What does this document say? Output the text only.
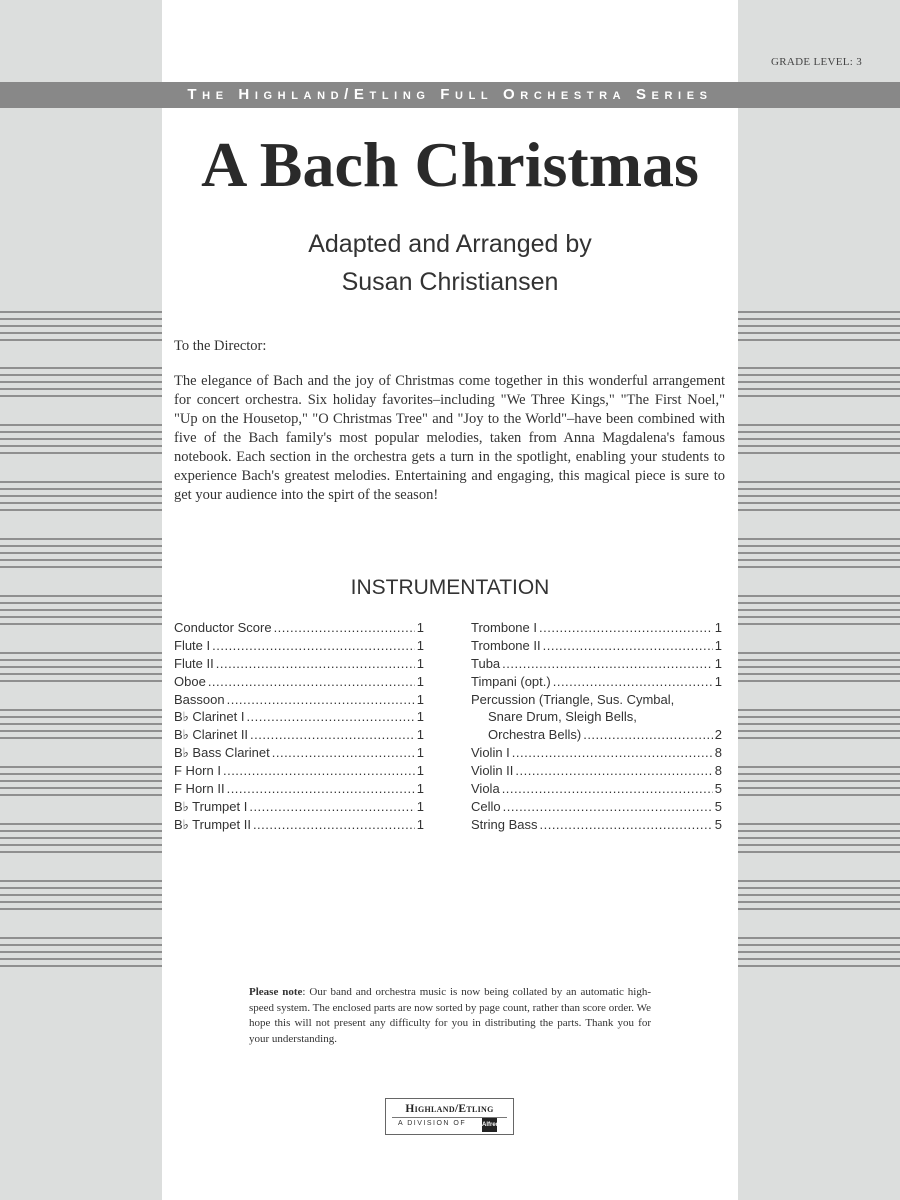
GRADE LEVEL: 3
The Highland/Etling Full Orchestra Series
A Bach Christmas
Adapted and Arranged by
Susan Christiansen
To the Director:
The elegance of Bach and the joy of Christmas come together in this wonderful arrangement for concert orchestra. Six holiday favorites–including "We Three Kings," "The First Noel," "Up on the Housetop," "O Christmas Tree" and "Joy to the World"–have been combined with five of the Bach family's most popular melodies, taken from Anna Magdalena's famous notebook. Each section in the orchestra gets a turn in the spotlight, enabling your students to experience Bach's greatest melodies. Entertaining and engaging, this magical piece is sure to get your audience into the spirt of the season!
INSTRUMENTATION
Conductor Score .....	1
Flute I .....	1
Flute II .....	1
Oboe .....	1
Bassoon .....	1
B♭ Clarinet I .....	1
B♭ Clarinet II .....	1
B♭ Bass Clarinet .....	1
F Horn I .....	1
F Horn II .....	1
B♭ Trumpet I .....	1
B♭ Trumpet II .....	1
Trombone I .....	1
Trombone II .....	1
Tuba .....	1
Timpani (opt.) .....	1
Percussion (Triangle, Sus. Cymbal,
Snare Drum, Sleigh Bells,
Orchestra Bells) .....	2
Violin I .....	8
Violin II .....	8
Viola .....	5
Cello .....	5
String Bass .....	5
Please note: Our band and orchestra music is now being collated by an automatic high-speed system. The enclosed parts are now sorted by page count, rather than score order. We hope this will not present any difficulty for you in distributing the parts. Thank you for your understanding.
Highland/Etling
A DIVISION OF	Alfred
